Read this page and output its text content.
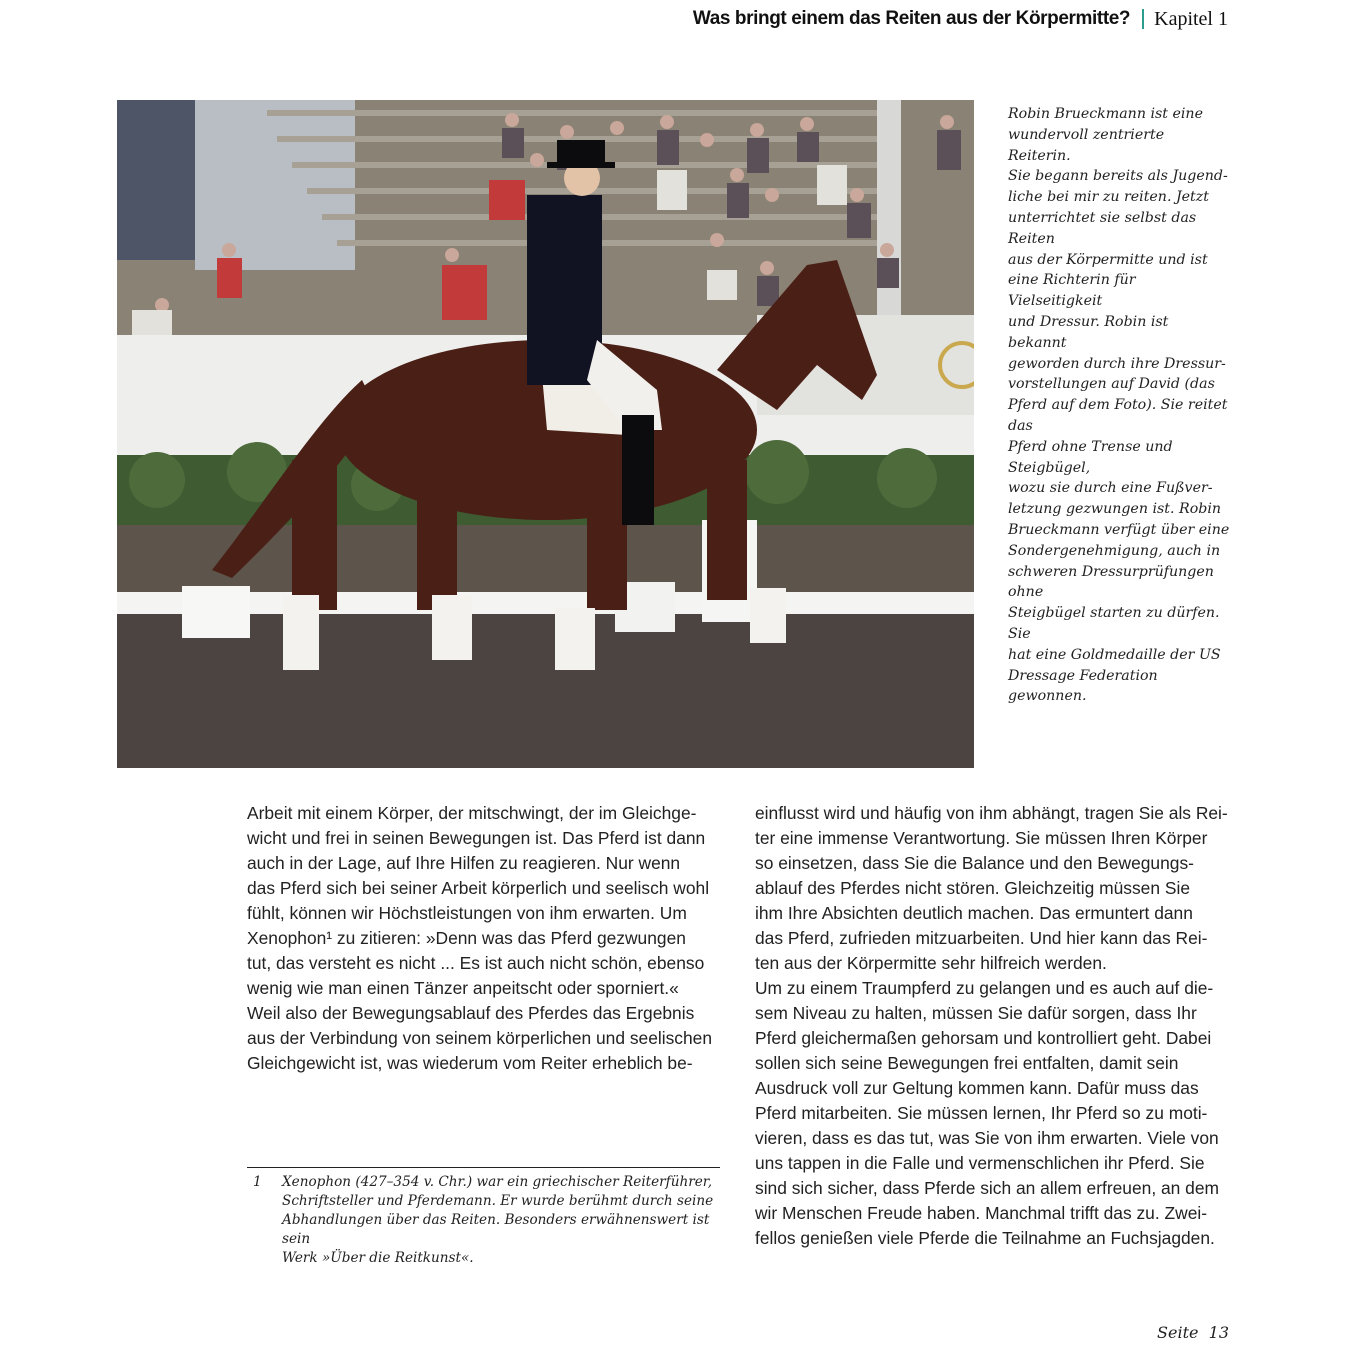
Was bringt einem das Reiten aus der Körpermitte? Kapitel 1
Robin Brueckmann ist eine
wundervoll zentrierte Reiterin.
Sie begann bereits als Jugend-
liche bei mir zu reiten. Jetzt
unterrichtet sie selbst das Reiten
aus der Körpermitte und ist
eine Richterin für Vielseitigkeit
und Dressur. Robin ist bekannt
geworden durch ihre Dressur-
vorstellungen auf David (das
Pferd auf dem Foto). Sie reitet das
Pferd ohne Trense und Steigbügel,
wozu sie durch eine Fußver-
letzung gezwungen ist. Robin
Brueckmann verfügt über eine
Sondergenehmigung, auch in
schweren Dressurprüfungen ohne
Steigbügel starten zu dürfen. Sie
hat eine Goldmedaille der US
Dressage Federation gewonnen.

Arbeit mit einem Körper, der mitschwingt, der im Gleichge-

wicht und frei in seinen Bewegungen ist. Das Pferd ist dann

auch in der Lage, auf Ihre Hilfen zu reagieren. Nur wenn

das Pferd sich bei seiner Arbeit körperlich und seelisch wohl

fühlt, können wir Höchstleistungen von ihm erwarten. Um

Xenophon¹ zu zitieren: »Denn was das Pferd gezwungen

tut, das versteht es nicht ... Es ist auch nicht schön, ebenso

wenig wie man einen Tänzer anpeitscht oder sporniert.«

Weil also der Bewegungsablauf des Pferdes das Ergebnis

aus der Verbindung von seinem körperlichen und seelischen

Gleichgewicht ist, was wiederum vom Reiter erheblich be-

einflusst wird und häufig von ihm abhängt, tragen Sie als Rei-

ter eine immense Verantwortung. Sie müssen Ihren Körper

so einsetzen, dass Sie die Balance und den Bewegungs-

ablauf des Pferdes nicht stören. Gleichzeitig müssen Sie

ihm Ihre Absichten deutlich machen. Das ermuntert dann

das Pferd, zufrieden mitzuarbeiten. Und hier kann das Rei-

ten aus der Körpermitte sehr hilfreich werden.

Um zu einem Traumpferd zu gelangen und es auch auf die-

sem Niveau zu halten, müssen Sie dafür sorgen, dass Ihr

Pferd gleichermaßen gehorsam und kontrolliert geht. Dabei

sollen sich seine Bewegungen frei entfalten, damit sein

Ausdruck voll zur Geltung kommen kann. Dafür muss das

Pferd mitarbeiten. Sie müssen lernen, Ihr Pferd so zu moti-

vieren, dass es das tut, was Sie von ihm erwarten. Viele von

uns tappen in die Falle und vermenschlichen ihr Pferd. Sie

sind sich sicher, dass Pferde sich an allem erfreuen, an dem

wir Menschen Freude haben. Manchmal trifft das zu. Zwei-

fellos genießen viele Pferde die Teilnahme an Fuchsjagden.

1	Xenophon (427–354 v. Chr.) war ein griechischer Reiterführer,
Schriftsteller und Pferdemann. Er wurde berühmt durch seine
Abhandlungen über das Reiten. Besonders erwähnenswert ist sein
Werk »Über die Reitkunst«.
Seite 13
